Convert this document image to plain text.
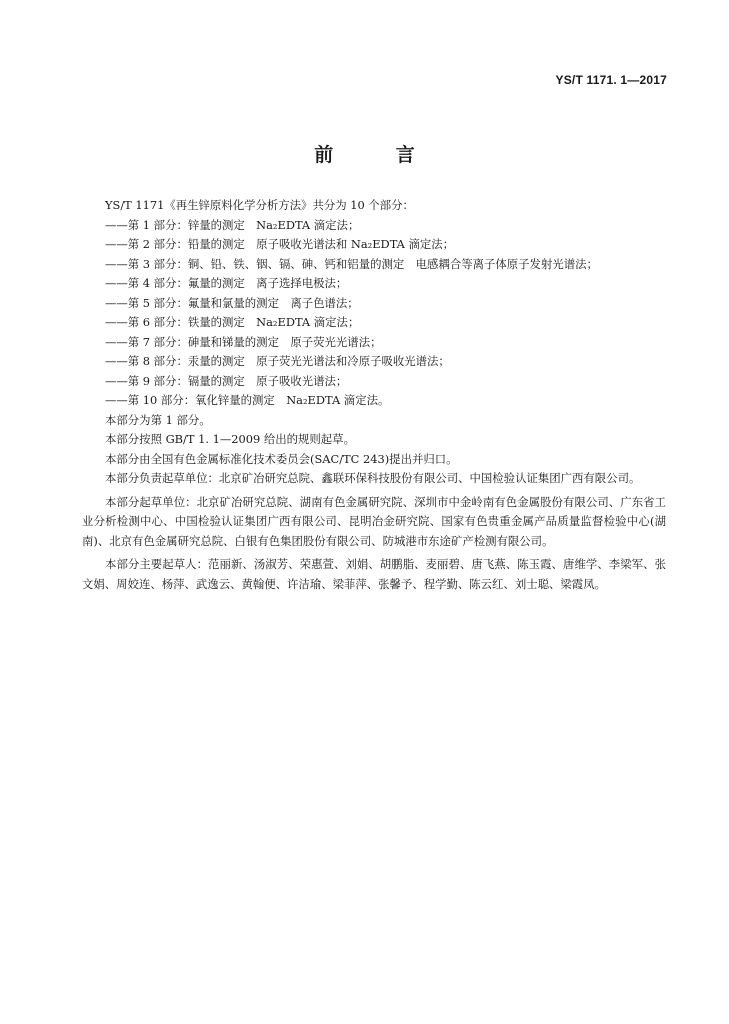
YS/T 1171. 1—2017
前 言
YS/T 1171《再生锌原料化学分析方法》共分为 10 个部分：
——第 1 部分：锌量的测定　Na₂EDTA 滴定法；
——第 2 部分：铅量的测定　原子吸收光谱法和 Na₂EDTA 滴定法；
——第 3 部分：铜、铅、铁、铟、镉、砷、钙和铝量的测定　电感耦合等离子体原子发射光谱法；
——第 4 部分：氟量的测定　离子选择电极法；
——第 5 部分：氟量和氯量的测定　离子色谱法；
——第 6 部分：铁量的测定　Na₂EDTA 滴定法；
——第 7 部分：砷量和锑量的测定　原子荧光光谱法；
——第 8 部分：汞量的测定　原子荧光光谱法和冷原子吸收光谱法；
——第 9 部分：镉量的测定　原子吸收光谱法；
——第 10 部分：氧化锌量的测定　Na₂EDTA 滴定法。
本部分为第 1 部分。
本部分按照 GB/T 1. 1—2009 给出的规则起草。
本部分由全国有色金属标准化技术委员会(SAC/TC 243)提出并归口。
本部分负责起草单位：北京矿冶研究总院、鑫联环保科技股份有限公司、中国检验认证集团广西有限公司。
本部分起草单位：北京矿冶研究总院、湖南有色金属研究院、深圳市中金岭南有色金属股份有限公司、广东省工业分析检测中心、中国检验认证集团广西有限公司、昆明冶金研究院、国家有色贵重金属产品质量监督检验中心(湖南)、北京有色金属研究总院、白银有色集团股份有限公司、防城港市东途矿产检测有限公司。
本部分主要起草人：范丽新、汤淑芳、荣惠萱、刘娟、胡鹏脂、麦丽碧、唐飞燕、陈玉霞、唐维学、李梁军、张文娟、周姣连、杨萍、武逸云、黄翰便、许洁瑜、梁菲萍、张馨予、程学勤、陈云红、刘士聪、梁霞凤。
